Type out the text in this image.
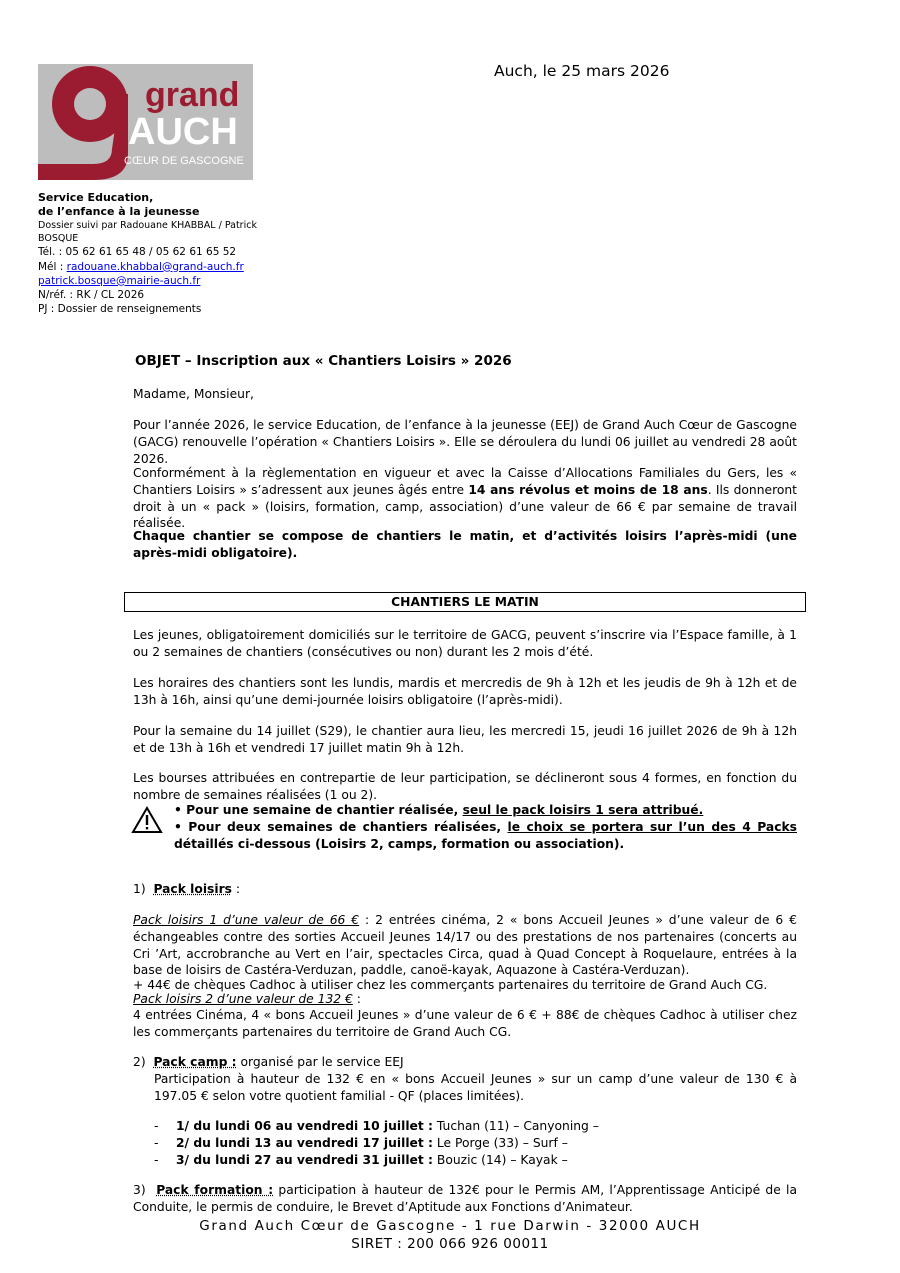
Auch, le 25 mars 2026
grand
AUCH
CŒUR DE GASCOGNE
Service Education,
de l’enfance à la jeunesse
Dossier suivi par Radouane KHABBAL / Patrick BOSQUE
Tél. : 05 62 61 65 48 / 05 62 61 65 52
Mél : radouane.khabbal@grand-auch.fr
patrick.bosque@mairie-auch.fr
N/réf. : RK / CL 2026
PJ : Dossier de renseignements
OBJET – Inscription aux « Chantiers Loisirs » 2026
Madame, Monsieur,
Pour l’année 2026, le service Education, de l’enfance à la jeunesse (EEJ) de Grand Auch Cœur de Gascogne (GACG) renouvelle l’opération « Chantiers Loisirs ». Elle se déroulera du lundi 06 juillet au vendredi 28 août 2026.
Conformément à la règlementation en vigueur et avec la Caisse d’Allocations Familiales du Gers, les « Chantiers Loisirs » s’adressent aux jeunes âgés entre 14 ans révolus et moins de 18 ans. Ils donneront droit à un « pack » (loisirs, formation, camp, association) d’une valeur de 66 € par semaine de travail réalisée.
Chaque chantier se compose de chantiers le matin, et d’activités loisirs l’après-midi (une après-midi obligatoire).
CHANTIERS LE MATIN
Les jeunes, obligatoirement domiciliés sur le territoire de GACG, peuvent s’inscrire via l’Espace famille, à 1 ou 2 semaines de chantiers (consécutives ou non) durant les 2 mois d’été.
Les horaires des chantiers sont les lundis, mardis et mercredis de 9h à 12h et les jeudis de 9h à 12h et de 13h à 16h, ainsi qu’une demi-journée loisirs obligatoire (l’après-midi).
Pour la semaine du 14 juillet (S29), le chantier aura lieu, les mercredi 15, jeudi 16 juillet 2026 de 9h à 12h et de 13h à 16h et vendredi 17 juillet matin 9h à 12h.
Les bourses attribuées en contrepartie de leur participation, se déclineront sous 4 formes, en fonction du nombre de semaines réalisées (1 ou 2).
• Pour une semaine de chantier réalisée, seul le pack loisirs 1 sera attribué.
• Pour deux semaines de chantiers réalisées, le choix se portera sur l’un des 4 Packs détaillés ci-dessous (Loisirs 2, camps, formation ou association).
1) Pack loisirs :
Pack loisirs 1 d’une valeur de 66 € : 2 entrées cinéma, 2 « bons Accueil Jeunes » d’une valeur de 6 € échangeables contre des sorties Accueil Jeunes 14/17 ou des prestations de nos partenaires (concerts au Cri ’Art, accrobranche au Vert en l’air, spectacles Circa, quad à Quad Concept à Roquelaure, entrées à la base de loisirs de Castéra-Verduzan, paddle, canoë-kayak, Aquazone à Castéra-Verduzan).
+ 44€ de chèques Cadhoc à utiliser chez les commerçants partenaires du territoire de Grand Auch CG.
Pack loisirs 2 d’une valeur de 132 € :
4 entrées Cinéma, 4 « bons Accueil Jeunes » d’une valeur de 6 € + 88€ de chèques Cadhoc à utiliser chez les commerçants partenaires du territoire de Grand Auch CG.
2) Pack camp : organisé par le service EEJ
Participation à hauteur de 132 € en « bons Accueil Jeunes » sur un camp d’une valeur de 130 € à 197.05 € selon votre quotient familial - QF (places limitées).
- 1/ du lundi 06 au vendredi 10 juillet : Tuchan (11) – Canyoning –
- 2/ du lundi 13 au vendredi 17 juillet : Le Porge (33) – Surf –
- 3/ du lundi 27 au vendredi 31 juillet : Bouzic (14) – Kayak –
3) Pack formation : participation à hauteur de 132€ pour le Permis AM, l’Apprentissage Anticipé de la Conduite, le permis de conduire, le Brevet d’Aptitude aux Fonctions d’Animateur.
Grand Auch Cœur de Gascogne - 1 rue Darwin - 32000 AUCH
SIRET : 200 066 926 00011
